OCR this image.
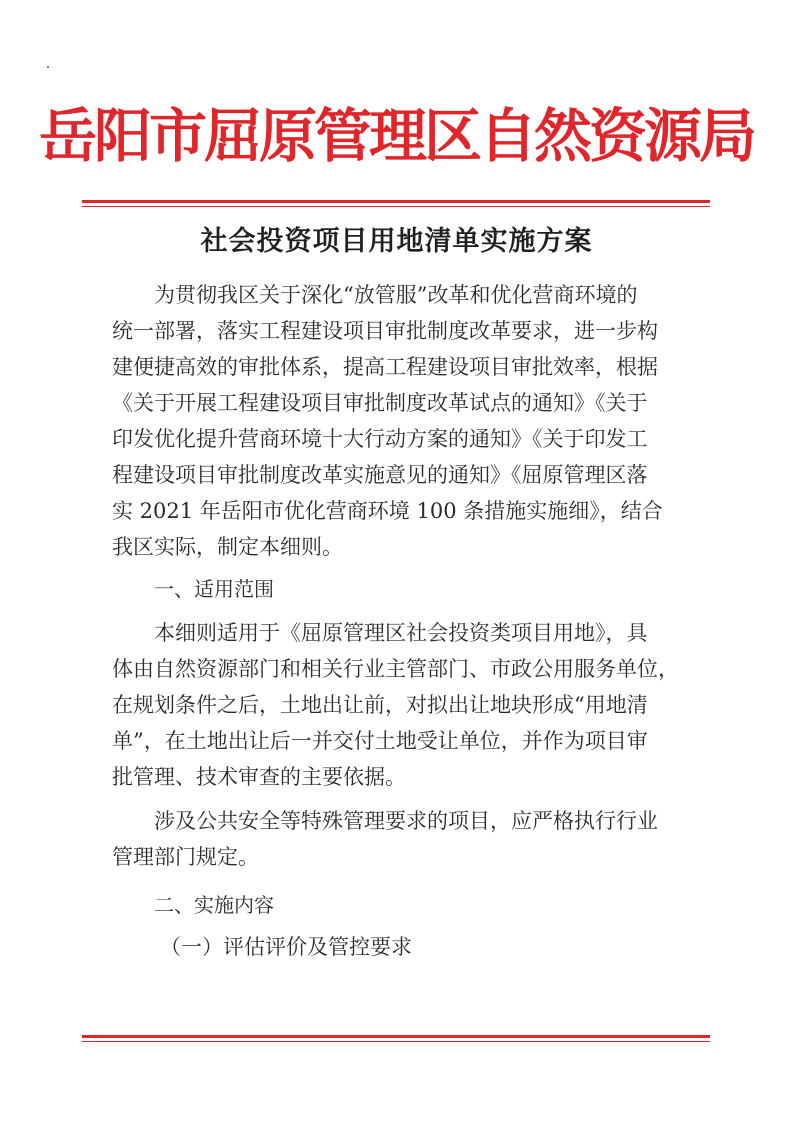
岳阳市屈原管理区自然资源局
社会投资项目用地清单实施方案
为贯彻我区关于深化“放管服”改革和优化营商环境的
统一部署，落实工程建设项目审批制度改革要求，进一步构
建便捷高效的审批体系，提高工程建设项目审批效率，根据
《关于开展工程建设项目审批制度改革试点的通知》《关于
印发优化提升营商环境十大行动方案的通知》《关于印发工
程建设项目审批制度改革实施意见的通知》《屈原管理区落
实 2021 年岳阳市优化营商环境 100 条措施实施细》，结合
我区实际，制定本细则。
一、适用范围
本细则适用于《屈原管理区社会投资类项目用地》，具
体由自然资源部门和相关行业主管部门、市政公用服务单位，
在规划条件之后，土地出让前，对拟出让地块形成“用地清
单”，在土地出让后一并交付土地受让单位，并作为项目审
批管理、技术审查的主要依据。
涉及公共安全等特殊管理要求的项目，应严格执行行业
管理部门规定。
二、实施内容
（一）评估评价及管控要求
